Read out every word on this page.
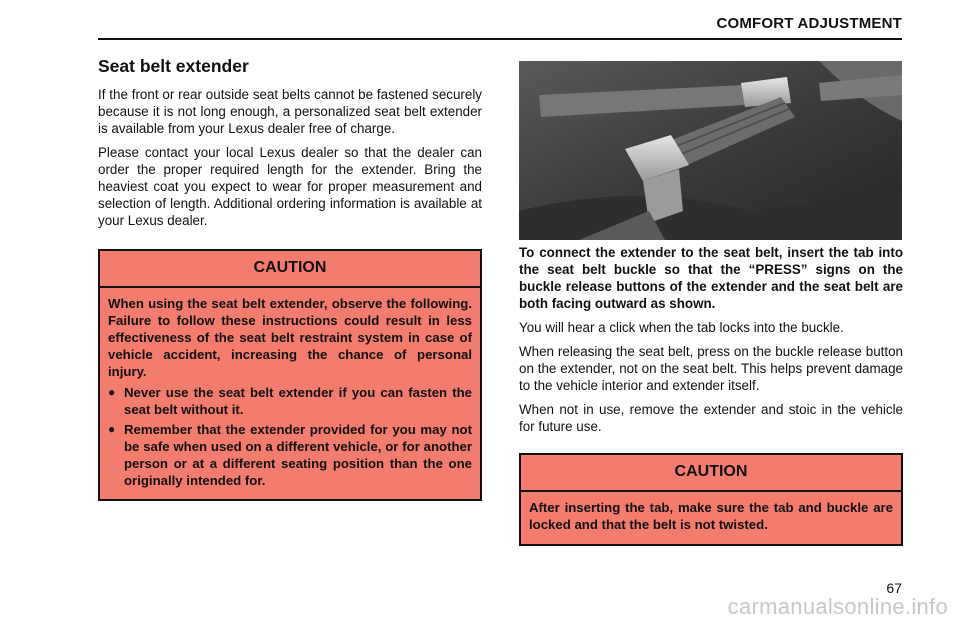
COMFORT ADJUSTMENT
Seat belt extender

If the front or rear outside seat belts cannot be fastened securely because it is not long enough, a personalized seat belt extender is available from your Lexus dealer free of charge.

Please contact your local Lexus dealer so that the dealer can order the proper required length for the extender. Bring the heaviest coat you expect to wear for proper measurement and selection of length. Additional ordering information is available at your Lexus dealer.

CAUTION

When using the seat belt extender, observe the following. Failure to follow these instructions could result in less effectiveness of the seat belt restraint system in case of vehicle accident, increasing the chance of personal injury.

● Never use the seat belt extender if you can fasten the seat belt without it.
● Remember that the extender provided for you may not be safe when used on a different vehicle, or for another person or at a different seating position than the one originally intended for.

To connect the extender to the seat belt, insert the tab into the seat belt buckle so that the “PRESS” signs on the buckle release buttons of the extender and the seat belt are both facing outward as shown.

You will hear a click when the tab locks into the buckle.

When releasing the seat belt, press on the buckle release button on the extender, not on the seat belt. This helps prevent damage to the vehicle interior and extender itself.

When not in use, remove the extender and stoic in the vehicle for future use.

CAUTION

After inserting the tab, make sure the tab and buckle are locked and that the belt is not twisted.

67
carmanualsonline.info
